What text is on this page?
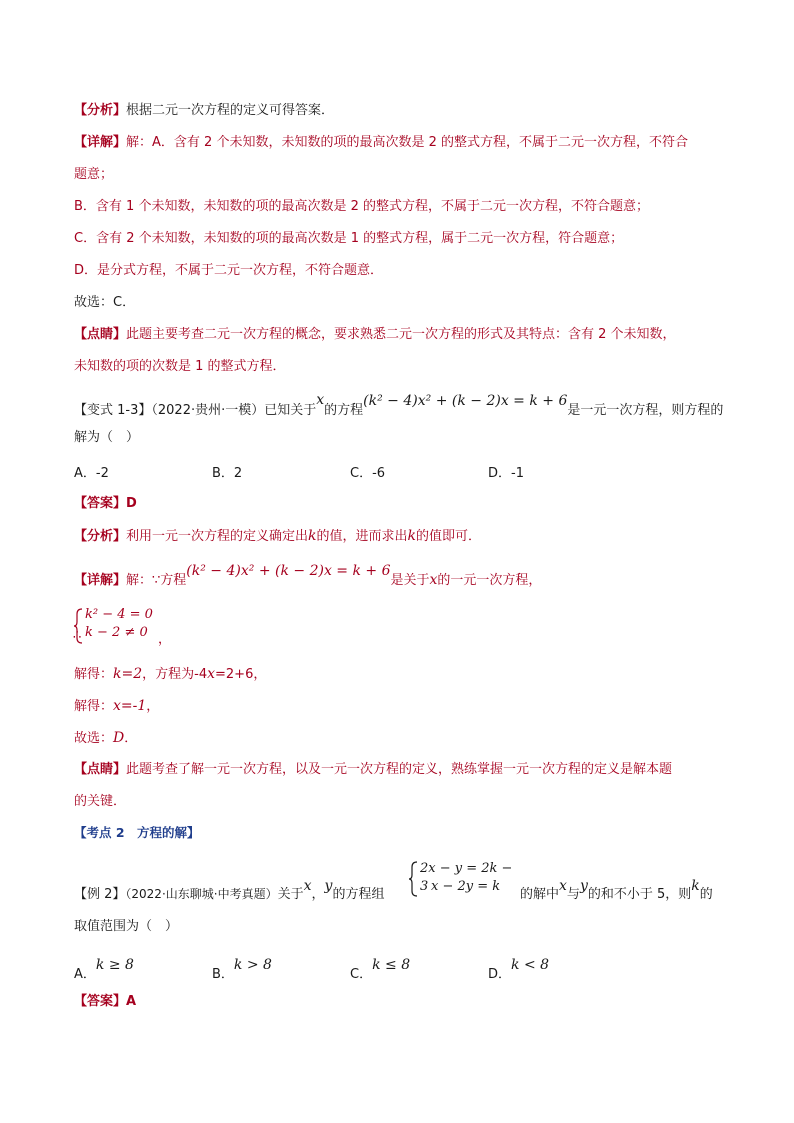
【分析】根据二元一次方程的定义可得答案．
【详解】解：A．含有 2 个未知数，未知数的项的最高次数是 2 的整式方程，不属于二元一次方程，不符合
题意；
B．含有 1 个未知数，未知数的项的最高次数是 2 的整式方程，不属于二元一次方程，不符合题意；
C．含有 2 个未知数，未知数的项的最高次数是 1 的整式方程，属于二元一次方程，符合题意；
D．是分式方程，不属于二元一次方程，不符合题意．
故选：C．
【点睛】此题主要考查二元一次方程的概念，要求熟悉二元一次方程的形式及其特点：含有 2 个未知数，
未知数的项的次数是 1 的整式方程．
【变式 1-3】（2022·贵州·一模）已知关于x的方程(k² − 4)x² + (k − 2)x = k + 6是一元一次方程，则方程的
解为（　）
A．-2	B．2	C．-6	D．-1
【答案】D
【分析】利用一元一次方程的定义确定出k的值，进而求出k的值即可．
【详解】解：∵方程(k² − 4)x² + (k − 2)x = k + 6是关于x的一元一次方程，
k² − 4 = 0
k − 2 ≠ 0
∴	，
解得：k=2，方程为-4x=2+6，
解得：x=-1，
故选：D．
【点睛】此题考查了解一元一次方程，以及一元一次方程的定义，熟练掌握一元一次方程的定义是解本题
的关键．
【考点 2　方程的解】
【例 2】（2022·山东聊城·中考真题）关于x，y的方程组
2x − y = 2k − 3 x − 2y = k
的解中x与y的和不小于 5，则k的
取值范围为（　）
A．k ≥ 8
B．k > 8
C．k ≤ 8
D．k < 8
【答案】A
